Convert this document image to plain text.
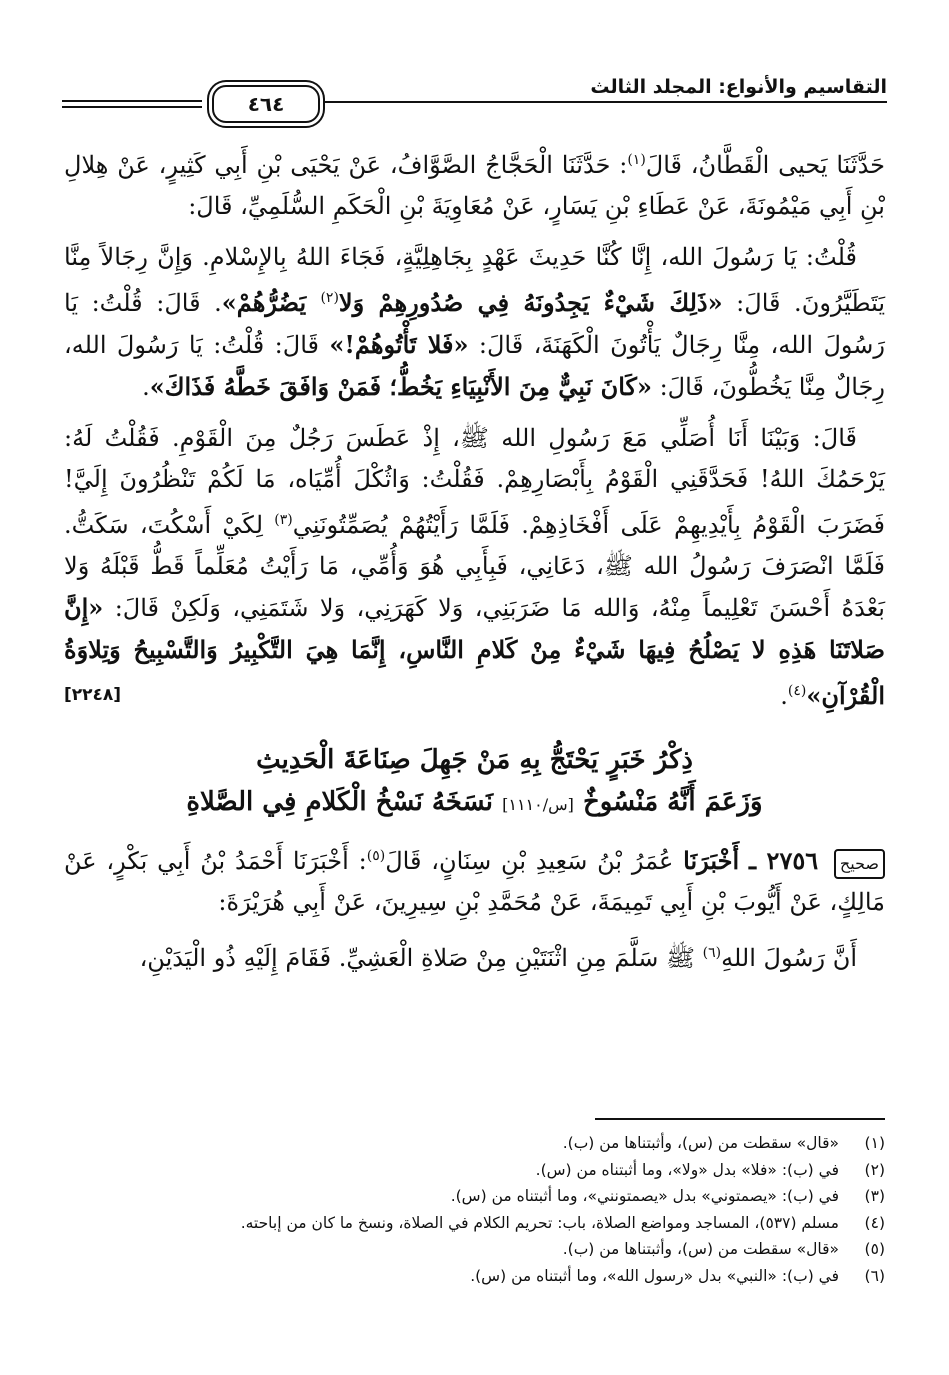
التقاسيم والأنواع: المجلد الثالث
٤٦٤

حَدَّثَنَا يَحيى الْقَطَّانُ، قَالَ$^{(١)}$: حَدَّثَنَا الْحَجَّاجُ الصَّوَّافُ، عَنْ يَحْيَى بْنِ أَبِي كَثِيرٍ، عَنْ هِلالِ بْنِ أَبِي مَيْمُونَةَ، عَنْ عَطَاءِ بْنِ يَسَارٍ، عَنْ مُعَاوِيَةَ بْنِ الْحَكَمِ السُّلَمِيِّ، قَالَ:

قُلْتُ: يَا رَسُولَ الله، إِنَّا كُنَّا حَدِيثَ عَهْدٍ بِجَاهِلِيَّةٍ، فَجَاءَ اللهُ بِالإِسْلامِ. وَإِنَّ رِجَالاً مِنَّا يَتَطَيَّرُونَ. قَالَ: «ذَلِكَ شَيْءٌ يَجِدُونَهُ فِي صُدُورِهِمْ وَلا$^{(٢)}$ يَضُرُّهُمْ». قَالَ: قُلْتُ: يَا رَسُولَ الله، مِنَّا رِجَالٌ يَأْتُونَ الْكَهَنَةَ، قَالَ: «فَلا تَأْتُوهُمْ!» قَالَ: قُلْتُ: يَا رَسُولَ الله، رِجَالٌ مِنَّا يَخُطُّونَ، قَالَ: «كَانَ نَبِيٌّ مِنَ الأَنْبِيَاءِ يَخُطُّ؛ فَمَنْ وَافَقَ خَطَّهُ فَذَاكَ».

قَالَ: وَبَيْنَا أَنَا أُصَلِّي مَعَ رَسُولِ الله ﷺ، إِذْ عَطَسَ رَجُلٌ مِنَ الْقَوْمِ. فَقُلْتُ لَهُ: يَرْحَمُكَ اللهُ! فَحَدَّقَنِي الْقَوْمُ بِأَبْصَارِهِمْ. فَقُلْتُ: وَاثُكْلَ أُمِّيَاه، مَا لَكُمْ تَنْظُرُونَ إِلَيَّ! فَضَرَبَ الْقَوْمُ بِأَيْدِيهِمْ عَلَى أَفْخَاذِهِمْ. فَلَمَّا رَأَيْتُهُمْ يُصَمِّتُونَنِي$^{(٣)}$ لِكَيْ أَسْكُتَ، سَكَتُّ. فَلَمَّا انْصَرَفَ رَسُولُ الله ﷺ، دَعَانِي، فَبِأَبِي هُوَ وَأُمِّي، مَا رَأَيْتُ مُعَلِّماً قَطُّ قَبْلَهُ وَلا بَعْدَهُ أَحْسَنَ تَعْلِيماً مِنْهُ، وَالله مَا ضَرَبَنِي، وَلا كَهَرَنِي، وَلا شَتَمَنِي، وَلَكِنْ قَالَ: «إِنَّ صَلاتَنَا هَذِهِ لا يَصْلُحُ فِيهَا شَيْءٌ مِنْ كَلامِ النَّاسِ، إِنَّمَا هِيَ التَّكْبِيرُ وَالتَّسْبِيحُ وَتِلاوَةُ الْقُرْآنِ»$^{(٤)}$.
[٢٢٤٨]

ذِكْرُ خَبَرٍ يَحْتَجُّ بِهِ مَنْ جَهِلَ صِنَاعَةَ الْحَدِيثِ
وَزَعَمَ أَنَّهُ مَنْسُوخٌ [س/١١١٠] نَسَخَهُ نَسْخُ الْكَلامِ فِي الصَّلاةِ

صحيح ٢٧٥٦ ـ أَخْبَرَنَا عُمَرُ بْنُ سَعِيدِ بْنِ سِنَانٍ، قَالَ$^{(٥)}$: أَخْبَرَنَا أَحْمَدُ بْنُ أَبِي بَكْرٍ، عَنْ مَالِكٍ، عَنْ أَيُّوبَ بْنِ أَبِي تَمِيمَةَ، عَنْ مُحَمَّدِ بْنِ سِيرِينَ، عَنْ أَبِي هُرَيْرَةَ:

أَنَّ رَسُولَ اللهِ$^{(٦)}$ ﷺ سَلَّمَ مِنِ اثْنَتَيْنِ مِنْ صَلاةِ الْعَشِيِّ. فَقَامَ إِلَيْهِ ذُو الْيَدَيْنِ،

(١)«قال» سقطت من (س)، وأثبتناها من (ب).
(٢)في (ب): «فلا» بدل «ولا»، وما أثبتناه من (س).
(٣)في (ب): «يصمتوني» بدل «يصمتونني»، وما أثبتناه من (س).
(٤)مسلم (٥٣٧)، المساجد ومواضع الصلاة، باب: تحريم الكلام في الصلاة، ونسخ ما كان من إباحته.
(٥)«قال» سقطت من (س)، وأثبتناها من (ب).
(٦)في (ب): «النبي» بدل «رسول الله»، وما أثبتناه من (س).
